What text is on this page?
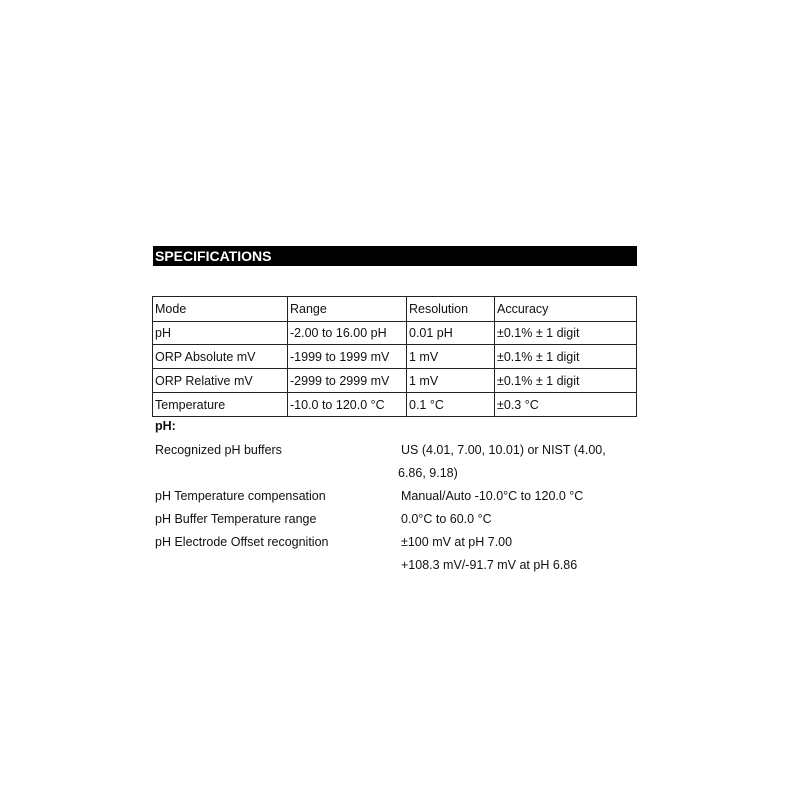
SPECIFICATIONS
Mode	Range	Resolution	Accuracy
pH	-2.00 to 16.00 pH	0.01 pH	±0.1% ± 1 digit
ORP Absolute mV	-1999 to 1999 mV	1 mV	±0.1% ± 1 digit
ORP Relative mV	-2999 to 2999 mV	1 mV	±0.1% ± 1 digit
Temperature	-10.0 to 120.0 °C	0.1 °C	±0.3 °C
pH:
Recognized pH buffers	US (4.01, 7.00, 10.01) or NIST (4.00,
6.86, 9.18)
pH Temperature compensation	Manual/Auto -10.0°C to 120.0 °C
pH Buffer Temperature range	0.0°C to 60.0 °C
pH Electrode Offset recognition	±100 mV at pH 7.00
+108.3 mV/-91.7 mV at pH 6.86
